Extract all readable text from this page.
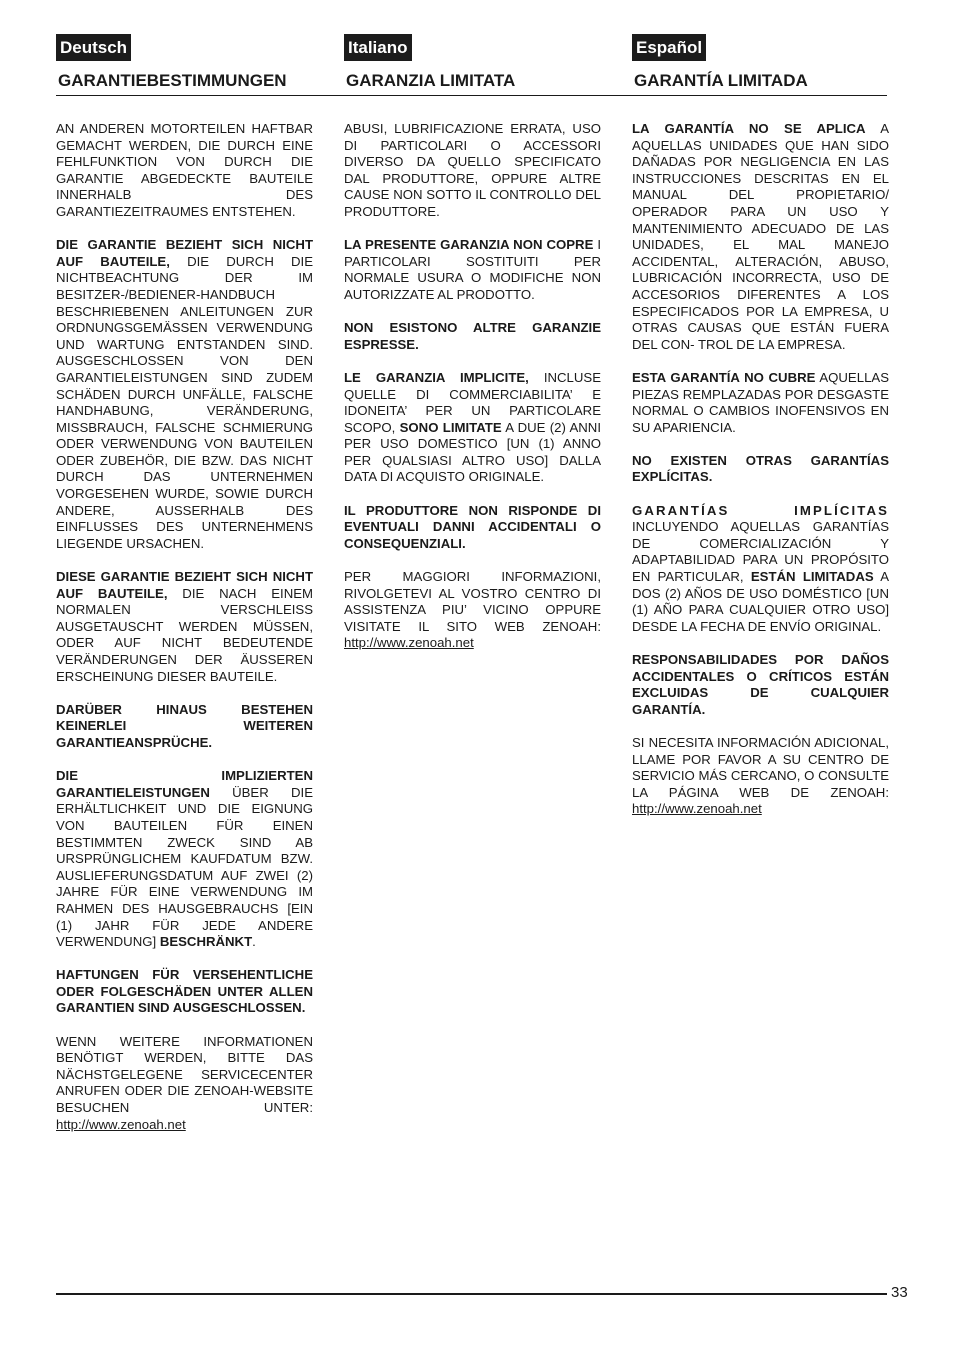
Deutsch	Italiano	Español
GARANTIEBESTIMMUNGEN	GARANZIA LIMITATA	GARANTÍA LIMITADA

AN ANDEREN MOTORTEILEN HAFTBAR GEMACHT WERDEN, DIE DURCH EINE FEHLFUNKTION VON DURCH DIE GARANTIE ABGEDECKTE BAUTEILE INNERHALB DES GARANTIEZEITRAUMES ENTSTEHEN.

DIE GARANTIE BEZIEHT SICH NICHT AUF BAUTEILE, DIE DURCH DIE NICHTBEACHTUNG DER IM BESITZER-/BEDIENER-HANDBUCH BESCHRIEBENEN ANLEITUNGEN ZUR ORDNUNGSGEMÄSSEN VERWENDUNG UND WARTUNG ENTSTANDEN SIND. AUSGESCHLOSSEN VON DEN GARANTIELEISTUNGEN SIND ZUDEM SCHÄDEN DURCH UNFÄLLE, FALSCHE HANDHABUNG, VERÄNDERUNG, MISSBRAUCH, FALSCHE SCHMIERUNG ODER VERWENDUNG VON BAUTEILEN ODER ZUBEHÖR, DIE BZW. DAS NICHT DURCH DAS UNTERNEHMEN VORGESEHEN WURDE, SOWIE DURCH ANDERE, AUSSERHALB DES EINFLUSSES DES UNTERNEHMENS LIEGENDE URSACHEN.

DIESE GARANTIE BEZIEHT SICH NICHT AUF BAUTEILE, DIE NACH EINEM NORMALEN VERSCHLEISS AUSGETAUSCHT WERDEN MÜSSEN, ODER AUF NICHT BEDEUTENDE VERÄNDERUNGEN DER ÄUSSEREN ERSCHEINUNG DIESER BAUTEILE.

DARÜBER HINAUS BESTEHEN KEINERLEI WEITEREN GARANTIEANSPRÜCHE.

DIE IMPLIZIERTEN GARANTIELEISTUNGEN ÜBER DIE ERHÄLTLICHKEIT UND DIE EIGNUNG VON BAUTEILEN FÜR EINEN BESTIMMTEN ZWECK SIND AB URSPRÜNGLICHEM KAUFDATUM BZW. AUSLIEFERUNGSDATUM AUF ZWEI (2) JAHRE FÜR EINE VERWENDUNG IM RAHMEN DES HAUSGEBRAUCHS [EIN (1) JAHR FÜR JEDE ANDERE VERWENDUNG] BESCHRÄNKT.

HAFTUNGEN FÜR VERSEHENTLICHE ODER FOLGESCHÄDEN UNTER ALLEN GARANTIEN SIND AUSGESCHLOSSEN.

WENN WEITERE INFORMATIONEN BENÖTIGT WERDEN, BITTE DAS NÄCHSTGELEGENE SERVICECENTER ANRUFEN ODER DIE ZENOAH-WEBSITE BESUCHEN UNTER: http://www.zenoah.net

ABUSI, LUBRIFICAZIONE ERRATA, USO DI PARTICOLARI O ACCESSORI DIVERSO DA QUELLO SPECIFICATO DAL PRODUTTORE, OPPURE ALTRE CAUSE NON SOTTO IL CONTROLLO DEL PRODUTTORE.

LA PRESENTE GARANZIA NON COPRE I PARTICOLARI SOSTITUITI PER NORMALE USURA O MODIFICHE NON AUTORIZZATE AL PRODOTTO.

NON ESISTONO ALTRE GARANZIE ESPRESSE.

LE GARANZIA IMPLICITE, INCLUSE QUELLE DI COMMERCIABILITA’ E IDONEITA’ PER UN PARTICOLARE SCOPO, SONO LIMITATE A DUE (2) ANNI PER USO DOMESTICO [UN (1) ANNO PER QUALSIASI ALTRO USO] DALLA DATA DI ACQUISTO ORIGINALE.

IL PRODUTTORE NON RISPONDE DI EVENTUALI DANNI ACCIDENTALI O CONSEQUENZIALI.

PER MAGGIORI INFORMAZIONI, RIVOLGETEVI AL VOSTRO CENTRO DI ASSISTENZA PIU’ VICINO OPPURE VISITATE IL SITO WEB ZENOAH: http://www.zenoah.net

LA GARANTÍA NO SE APLICA A AQUELLAS UNIDADES QUE HAN SIDO DAÑADAS POR NEGLIGENCIA EN LAS INSTRUCCIONES DESCRITAS EN EL MANUAL DEL PROPIETARIO/ OPERADOR PARA UN USO Y MANTENIMIENTO ADECUADO DE LAS UNIDADES, EL MAL MANEJO ACCIDENTAL, ALTERACIÓN, ABUSO, LUBRICACIÓN INCORRECTA, USO DE ACCESORIOS DIFERENTES A LOS ESPECIFICADOS POR LA EMPRESA, U OTRAS CAUSAS QUE ESTÁN FUERA DEL CON- TROL DE LA EMPRESA.

ESTA GARANTÍA NO CUBRE AQUELLAS PIEZAS REMPLAZADAS POR DESGASTE NORMAL O CAMBIOS INOFENSIVOS EN SU APARIENCIA.

NO EXISTEN OTRAS GARANTÍAS EXPLÍCITAS.

GARANTÍAS IMPLÍCITAS INCLUYENDO AQUELLAS GARANTÍAS DE COMERCIALIZACIÓN Y ADAPTABILIDAD PARA UN PROPÓSITO EN PARTICULAR, ESTÁN LIMITADAS A DOS (2) AÑOS DE USO DOMÉSTICO [UN (1) AÑO PARA CUALQUIER OTRO USO] DESDE LA FECHA DE ENVÍO ORIGINAL.

RESPONSABILIDADES POR DAÑOS ACCIDENTALES O CRÍTICOS ESTÁN EXCLUIDAS DE CUALQUIER GARANTÍA.

SI NECESITA INFORMACIÓN ADICIONAL, LLAME POR FAVOR A SU CENTRO DE SERVICIO MÁS CERCANO, O CONSULTE LA PÁGINA WEB DE ZENOAH: http://www.zenoah.net

33
